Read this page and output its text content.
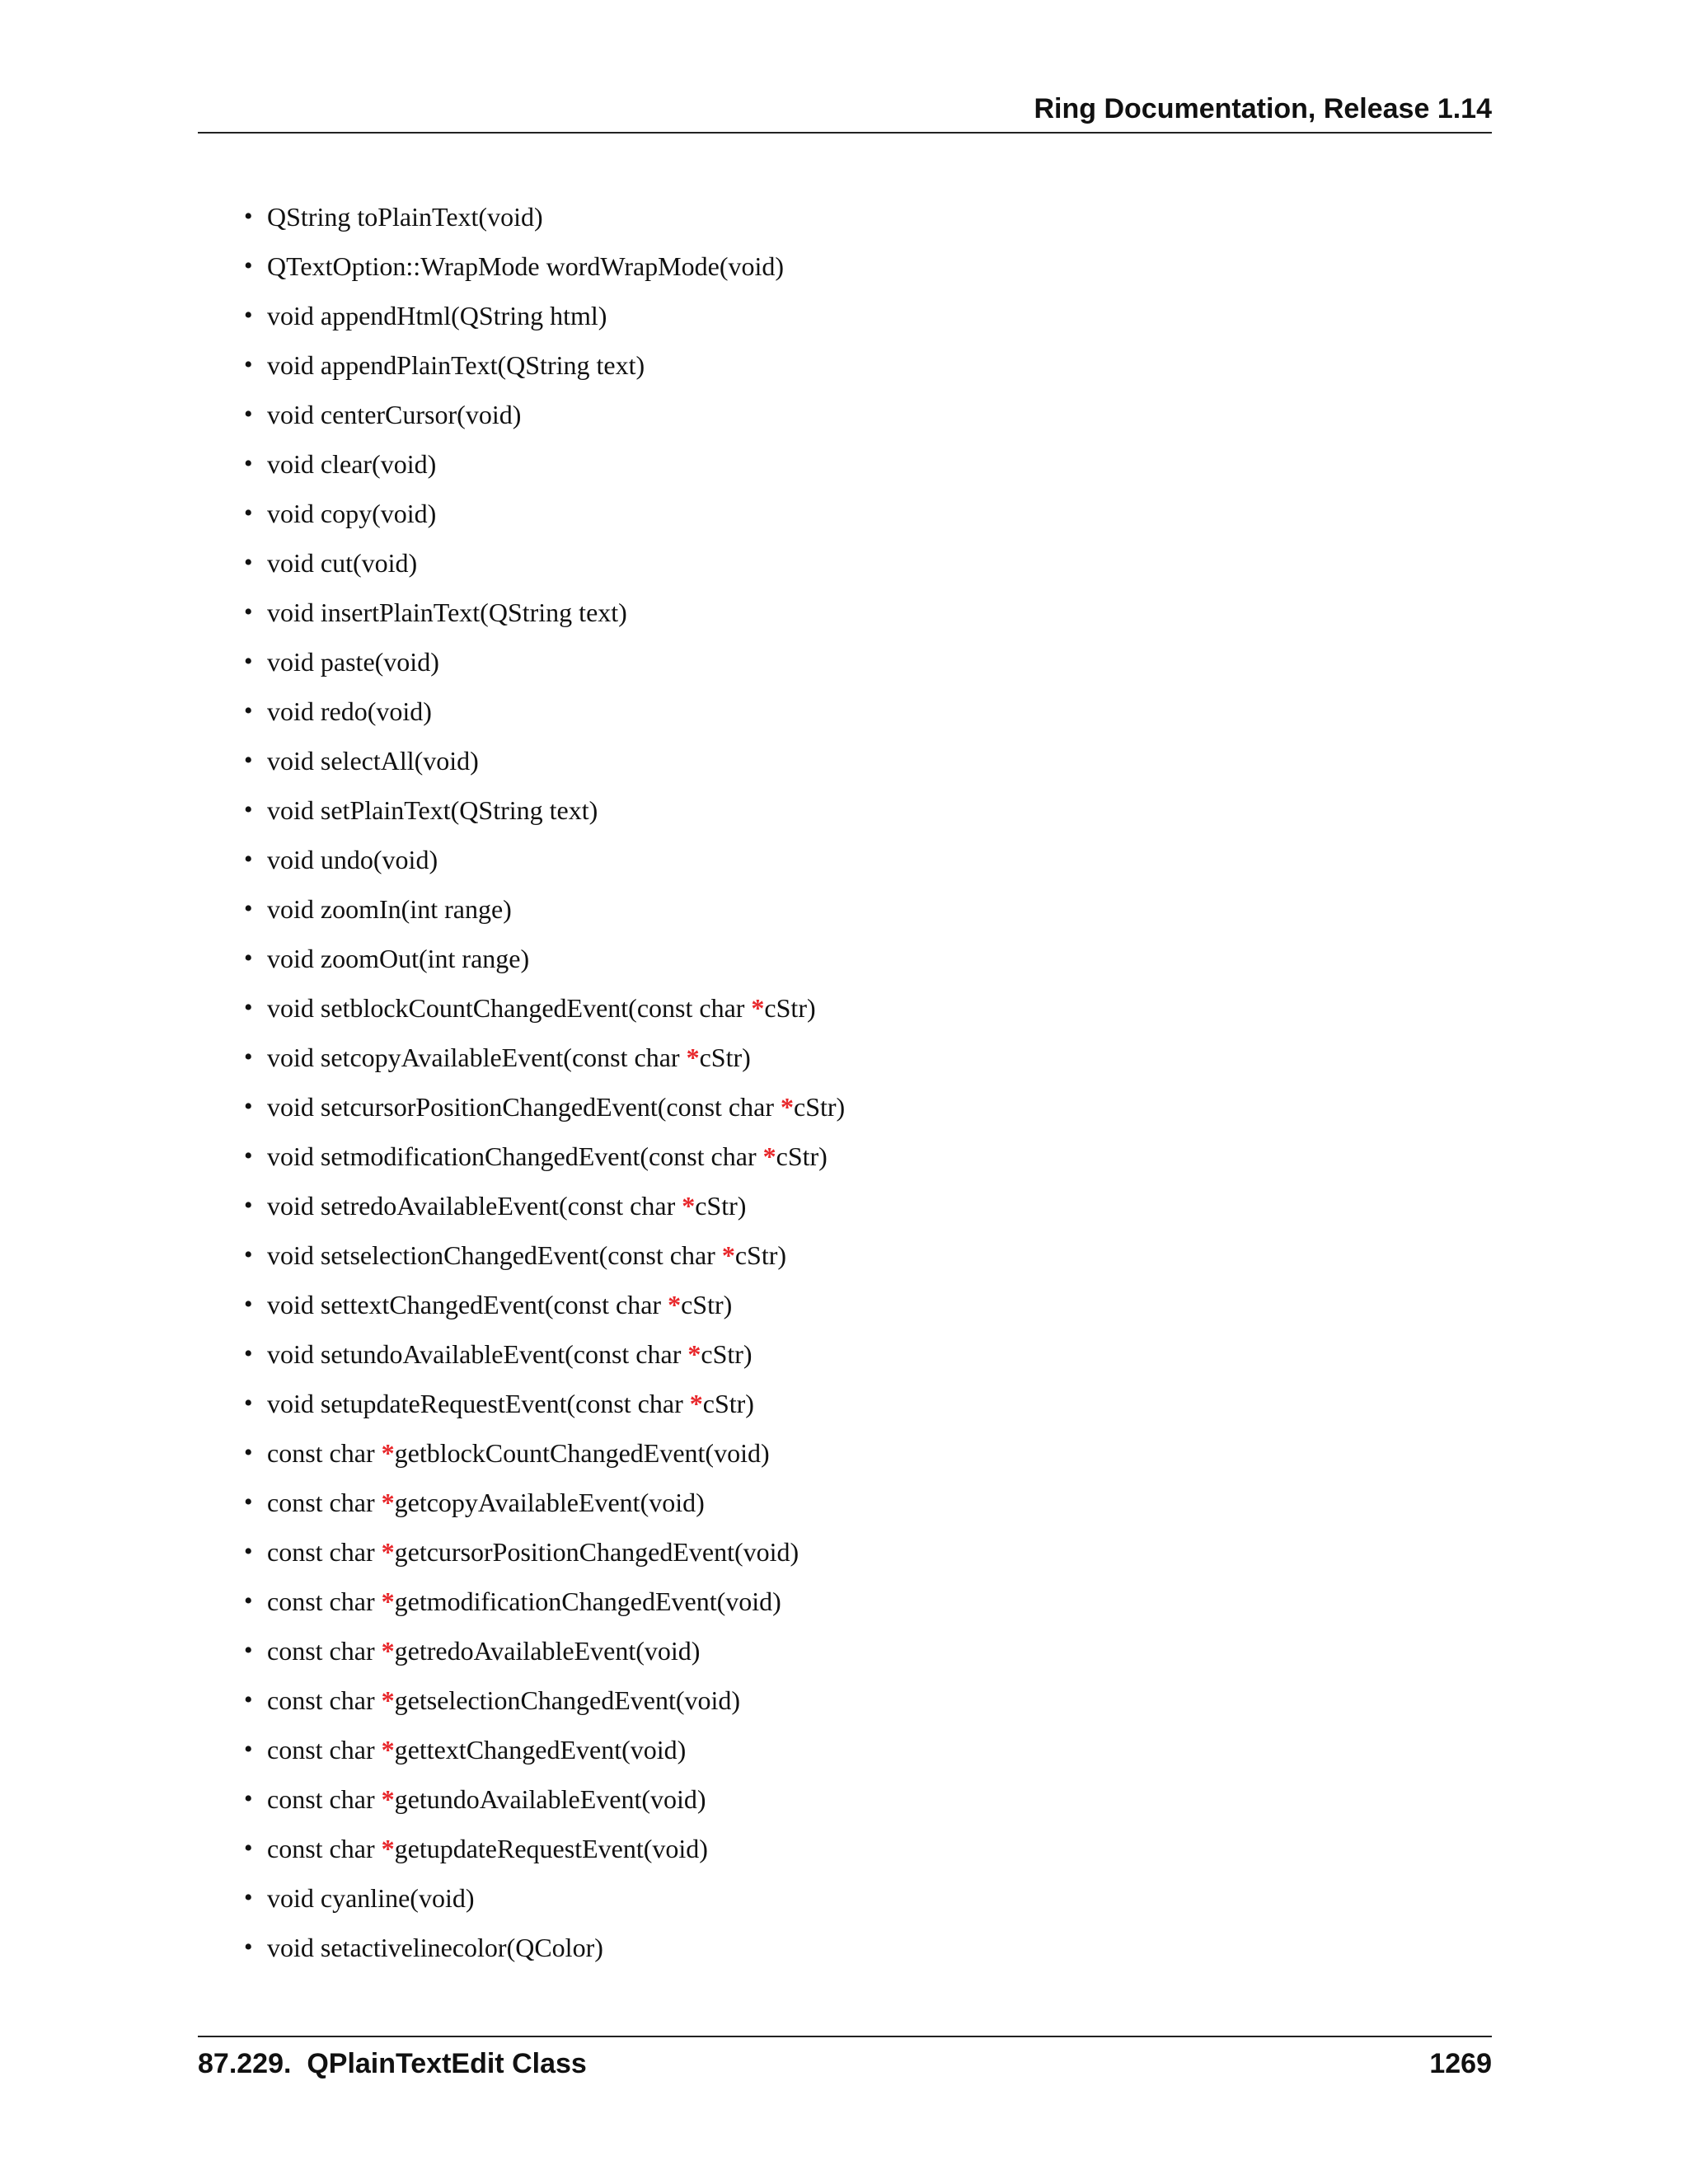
Ring Documentation, Release 1.14
• QString toPlainText(void)
• QTextOption::WrapMode wordWrapMode(void)
• void appendHtml(QString html)
• void appendPlainText(QString text)
• void centerCursor(void)
• void clear(void)
• void copy(void)
• void cut(void)
• void insertPlainText(QString text)
• void paste(void)
• void redo(void)
• void selectAll(void)
• void setPlainText(QString text)
• void undo(void)
• void zoomIn(int range)
• void zoomOut(int range)
• void setblockCountChangedEvent(const char *cStr)
• void setcopyAvailableEvent(const char *cStr)
• void setcursorPositionChangedEvent(const char *cStr)
• void setmodificationChangedEvent(const char *cStr)
• void setredoAvailableEvent(const char *cStr)
• void setselectionChangedEvent(const char *cStr)
• void settextChangedEvent(const char *cStr)
• void setundoAvailableEvent(const char *cStr)
• void setupdateRequestEvent(const char *cStr)
• const char *getblockCountChangedEvent(void)
• const char *getcopyAvailableEvent(void)
• const char *getcursorPositionChangedEvent(void)
• const char *getmodificationChangedEvent(void)
• const char *getredoAvailableEvent(void)
• const char *getselectionChangedEvent(void)
• const char *gettextChangedEvent(void)
• const char *getundoAvailableEvent(void)
• const char *getupdateRequestEvent(void)
• void cyanline(void)
• void setactivelinecolor(QColor)
87.229.  QPlainTextEdit Class	1269
